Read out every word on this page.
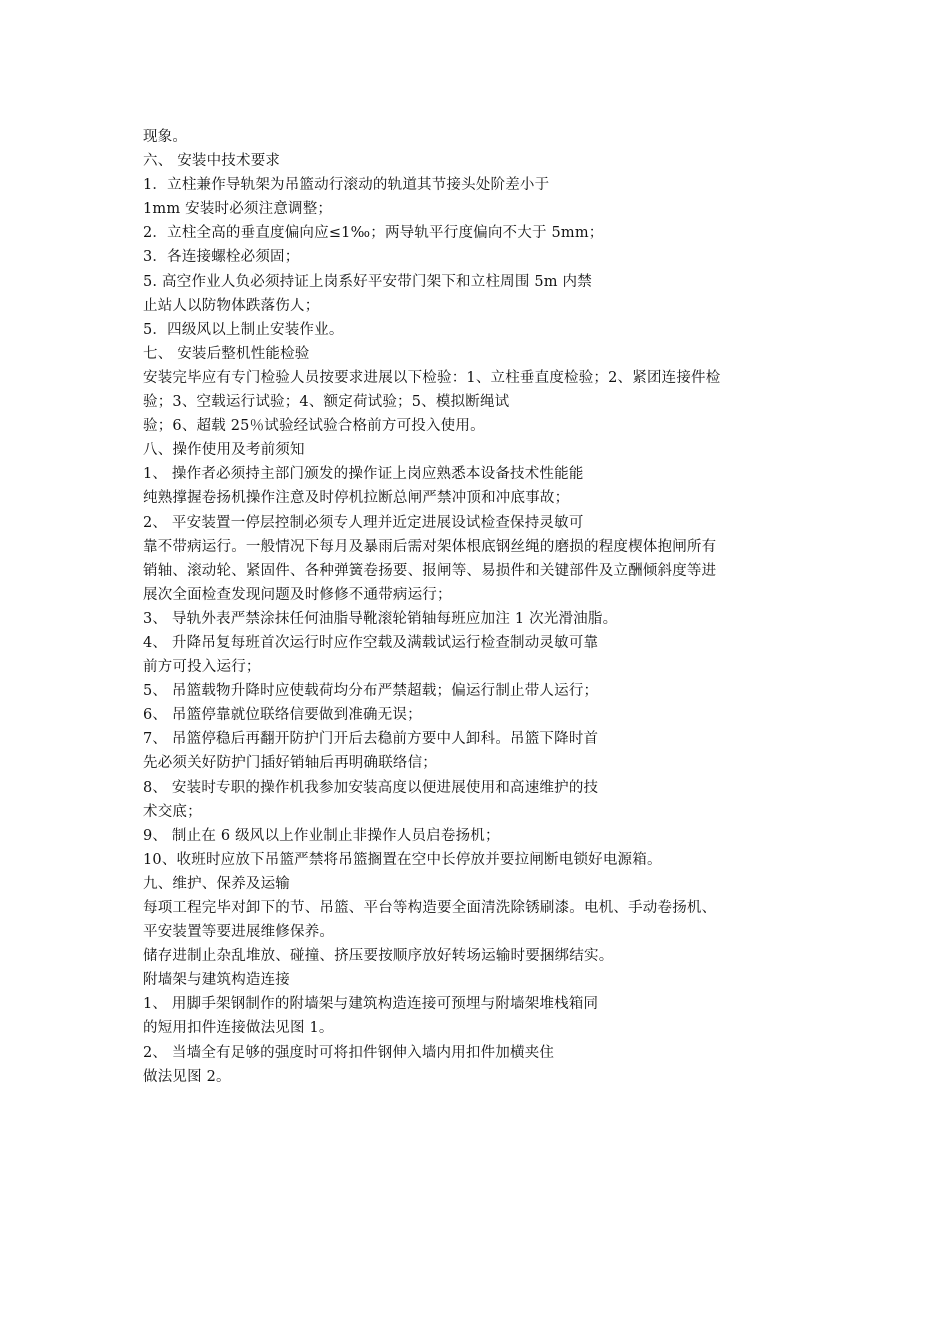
现象。
六、 安装中技术要求
1．立柱兼作导轨架为吊篮动行滚动的轨道其节接头处阶差小于
1mm 安装时必须注意调整；
2．立柱全高的垂直度偏向应≤1‰；两导轨平行度偏向不大于 5mm；
3．各连接螺栓必须固；
5. 高空作业人负必须持证上岗系好平安带门架下和立柱周围 5m 内禁
止站人以防物体跌落伤人；
5．四级风以上制止安装作业。
七、 安装后整机性能检验
安装完毕应有专门检验人员按要求进展以下检验：1、立柱垂直度检验；2、紧团连接件检
验；3、空载运行试验；4、额定荷试验；5、模拟断绳试
验；6、超载 25％试验经试验合格前方可投入使用。
八、操作使用及考前须知
1、 操作者必须持主部门颁发的操作证上岗应熟悉本设备技术性能能
纯熟撑握卷扬机操作注意及时停机拉断总闸严禁冲顶和冲底事故；
2、 平安装置一停层控制必须专人理并近定进展设试检查保持灵敏可
靠不带病运行。一般情况下每月及暴雨后需对架体根底钢丝绳的磨损的程度楔体抱闸所有
销轴、滚动轮、紧固件、各种弹簧卷扬要、报闸等、易损件和关键部件及立酬倾斜度等进
展次全面检查发现问题及时修修不通带病运行；
3、 导轨外表严禁涂抹任何油脂导靴滚轮销轴每班应加注 1 次光滑油脂。
4、 升降吊复每班首次运行时应作空载及满载试运行检查制动灵敏可靠
前方可投入运行；
5、 吊篮载物升降时应使载荷均分布严禁超载；偏运行制止带人运行；
6、 吊篮停靠就位联络信要做到准确无误；
7、 吊篮停稳后再翻开防护门开后去稳前方要中人卸科。吊篮下降时首
先必须关好防护门插好销轴后再明确联络信；
8、 安装时专职的操作机我参加安装高度以便进展使用和高速维护的技
术交底；
9、 制止在 6 级风以上作业制止非操作人员启卷扬机；
10、收班时应放下吊篮严禁将吊篮搁置在空中长停放并要拉闸断电锁好电源箱。
九、维护、保养及运输
每项工程完毕对卸下的节、吊篮、平台等构造要全面清洗除锈刷漆。电机、手动卷扬机、
平安装置等要进展维修保养。
储存进制止杂乱堆放、碰撞、挤压要按顺序放好转场运输时要捆绑结实。
附墙架与建筑构造连接
1、 用脚手架钢制作的附墙架与建筑构造连接可预埋与附墙架堆栈箱同
的短用扣件连接做法见图 1。
2、 当墙全有足够的强度时可将扣件钢伸入墙内用扣件加横夹住
做法见图 2。
